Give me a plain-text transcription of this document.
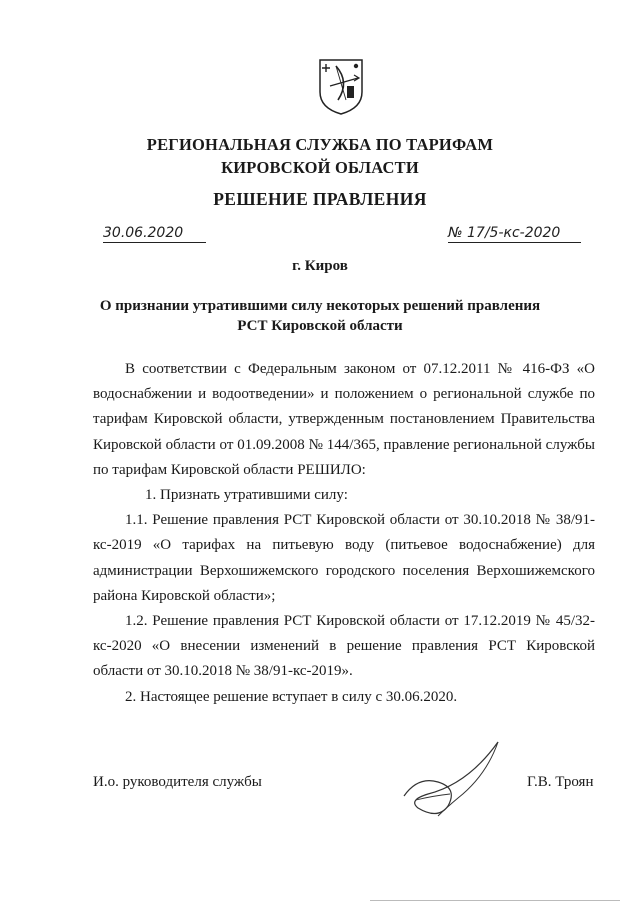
РЕГИОНАЛЬНАЯ СЛУЖБА ПО ТАРИФАМ
КИРОВСКОЙ ОБЛАСТИ
РЕШЕНИЕ ПРАВЛЕНИЯ
30.06.2020	№ 17/5-кс-2020
г. Киров
О признании утратившими силу некоторых решений правления
РСТ Кировской области

В соответствии с Федеральным законом от 07.12.2011 № 416-ФЗ «О водоснабжении и водоотведении» и положением о региональной службе по тарифам Кировской области, утвержденным постановлением Правительства Кировской области от 01.09.2008 № 144/365, правление региональной службы по тарифам Кировской области РЕШИЛО:

1. Признать утратившими силу:

1.1. Решение правления РСТ Кировской области от 30.10.2018 № 38/91-кс-2019 «О тарифах на питьевую воду (питьевое водоснабжение) для администрации Верхошижемского городского поселения Верхошижемского района Кировской области»;

1.2. Решение правления РСТ Кировской области от 17.12.2019 № 45/32-кс-2020 «О внесении изменений в решение правления РСТ Кировской области от 30.10.2018 № 38/91-кс-2019».

2. Настоящее решение вступает в силу с 30.06.2020.

И.о. руководителя службы	Г.В. Троян
